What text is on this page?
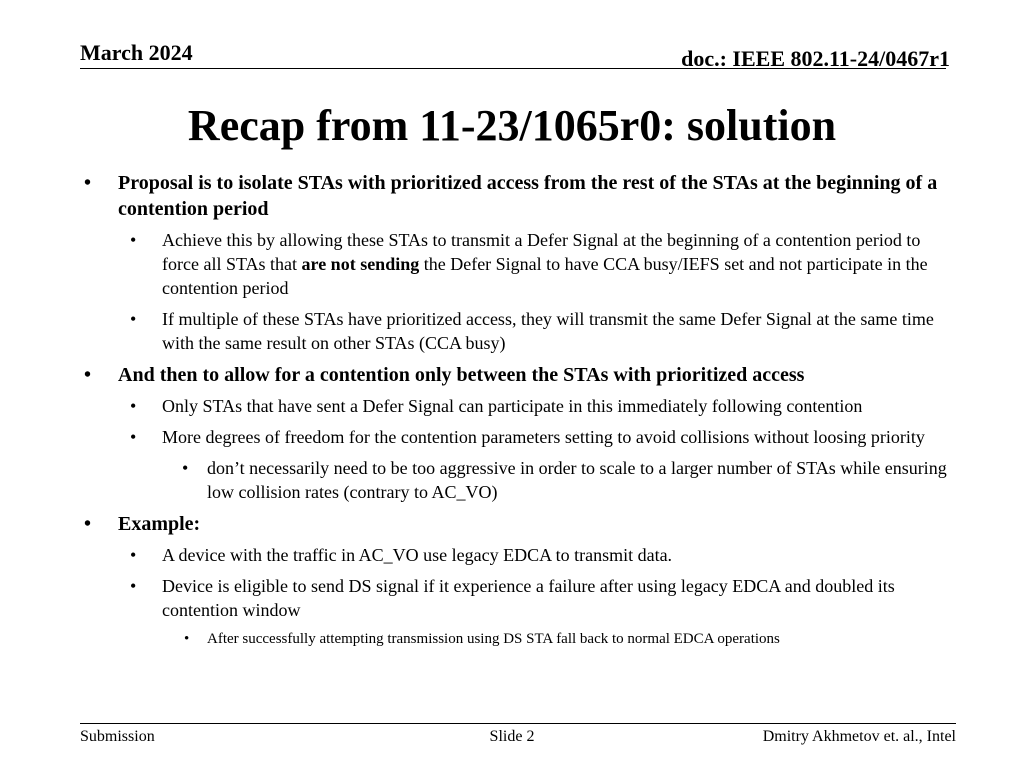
March 2024	doc.: IEEE 802.11-24/0467r1
Recap from 11-23/1065r0: solution
• Proposal is to isolate STAs with prioritized access from the rest of the STAs at the beginning of a contention period
• Achieve this by allowing these STAs to transmit a Defer Signal at the beginning of a contention period to force all STAs that are not sending the Defer Signal to have CCA busy/IEFS set and not participate in the contention period
• If multiple of these STAs have prioritized access, they will transmit the same Defer Signal at the same time with the same result on other STAs (CCA busy)
• And then to allow for a contention only between the STAs with prioritized access
• Only STAs that have sent a Defer Signal can participate in this immediately following contention
• More degrees of freedom for the contention parameters setting to avoid collisions without loosing priority
• don’t necessarily need to be too aggressive in order to scale to a larger number of STAs while ensuring low collision rates (contrary to AC_VO)
• Example:
• A device with the traffic in AC_VO use legacy EDCA to transmit data.
• Device is eligible to send DS signal if it experience a failure after using legacy EDCA and doubled its contention window
• After successfully attempting transmission using DS STA fall back to normal EDCA operations
Submission	Slide 2	Dmitry Akhmetov et. al., Intel
